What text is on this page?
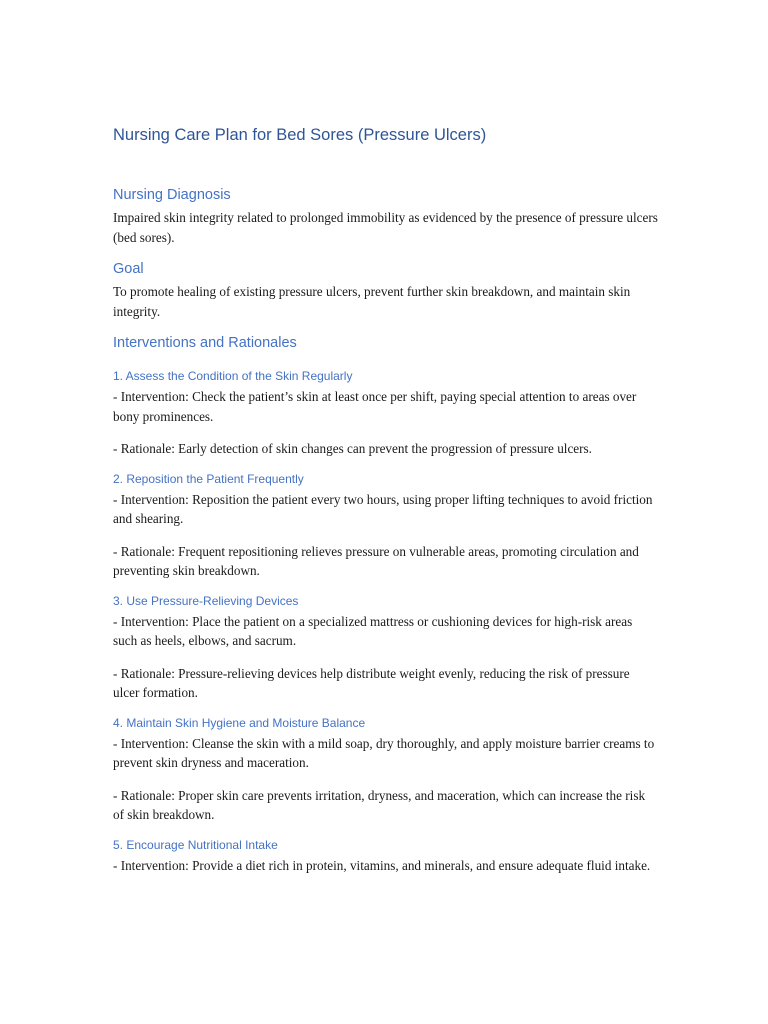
Nursing Care Plan for Bed Sores (Pressure Ulcers)
Nursing Diagnosis

Impaired skin integrity related to prolonged immobility as evidenced by the presence of pressure ulcers (bed sores).

Goal

To promote healing of existing pressure ulcers, prevent further skin breakdown, and maintain skin integrity.

Interventions and Rationales
1. Assess the Condition of the Skin Regularly

- Intervention: Check the patient’s skin at least once per shift, paying special attention to areas over bony prominences.

- Rationale: Early detection of skin changes can prevent the progression of pressure ulcers.

2. Reposition the Patient Frequently

- Intervention: Reposition the patient every two hours, using proper lifting techniques to avoid friction and shearing.

- Rationale: Frequent repositioning relieves pressure on vulnerable areas, promoting circulation and preventing skin breakdown.

3. Use Pressure-Relieving Devices

- Intervention: Place the patient on a specialized mattress or cushioning devices for high-risk areas such as heels, elbows, and sacrum.

- Rationale: Pressure-relieving devices help distribute weight evenly, reducing the risk of pressure ulcer formation.

4. Maintain Skin Hygiene and Moisture Balance

- Intervention: Cleanse the skin with a mild soap, dry thoroughly, and apply moisture barrier creams to prevent skin dryness and maceration.

- Rationale: Proper skin care prevents irritation, dryness, and maceration, which can increase the risk of skin breakdown.

5. Encourage Nutritional Intake

- Intervention: Provide a diet rich in protein, vitamins, and minerals, and ensure adequate fluid intake.
